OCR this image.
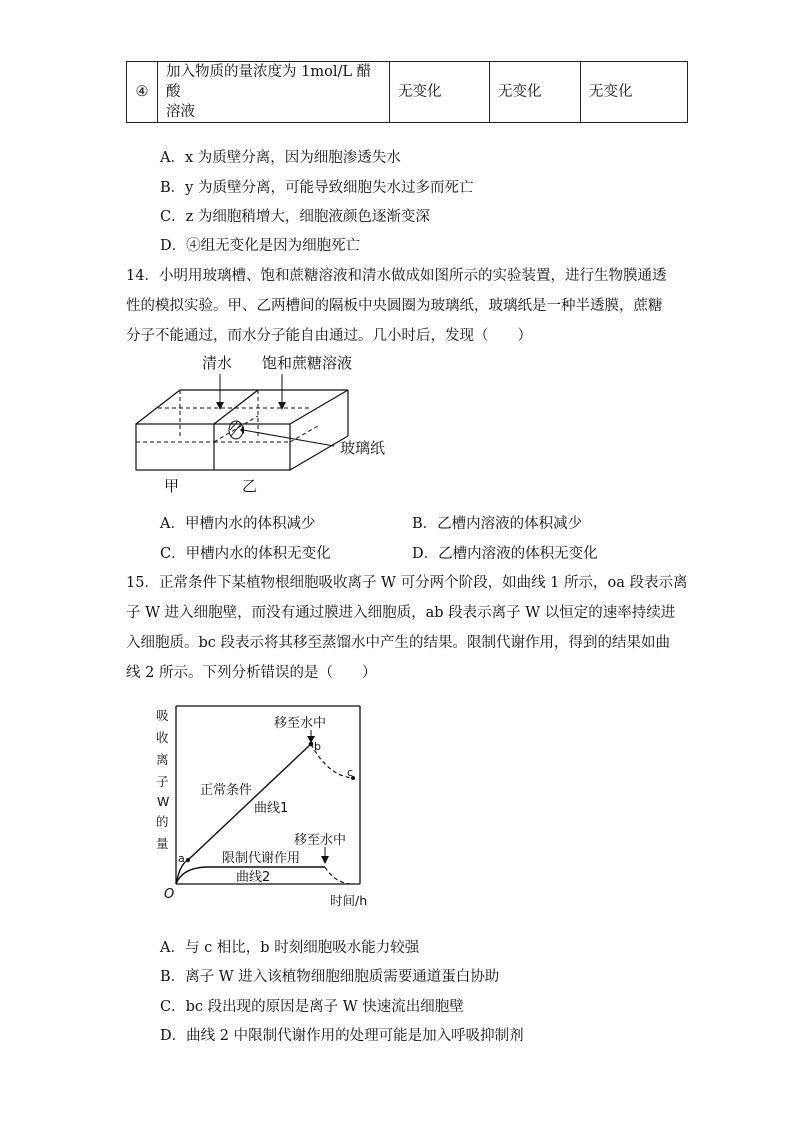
④	
加入物质的量浓度为 1mol/L 醋酸
溶液
	无变化	无变化	无变化
A．x 为质壁分离，因为细胞渗透失水
B．y 为质壁分离，可能导致细胞失水过多而死亡
C．z 为细胞稍增大，细胞液颜色逐渐变深
D．④组无变化是因为细胞死亡
14．小明用玻璃槽、饱和蔗糖溶液和清水做成如图所示的实验装置，进行生物膜通透
性的模拟实验。甲、乙两槽间的隔板中央圆圈为玻璃纸，玻璃纸是一种半透膜，蔗糖
分子不能通过，而水分子能自由通过。几小时后，发现（　　）
清水 饱和蔗糖溶液
玻璃纸
甲	乙
A．甲槽内水的体积减少	B．乙槽内溶液的体积减少
C．甲槽内水的体积无变化	D．乙槽内溶液的体积无变化
15．正常条件下某植物根细胞吸收离子 W 可分两个阶段，如曲线 1 所示，oa 段表示离
子 W 进入细胞壁，而没有通过膜进入细胞质，ab 段表示离子 W 以恒定的速率持续进
入细胞质。bc 段表示将其移至蒸馏水中产生的结果。限制代谢作用，得到的结果如曲
线 2 所示。下列分析错误的是（　　）
吸
收
离
子
W
的
量
O	时间/h
a
b
c
移至水中
移至水中
正常条件
曲线1
限制代谢作用
曲线2
A．与 c 相比，b 时刻细胞吸水能力较强
B．离子 W 进入该植物细胞细胞质需要通道蛋白协助
C．bc 段出现的原因是离子 W 快速流出细胞壁
D．曲线 2 中限制代谢作用的处理可能是加入呼吸抑制剂
